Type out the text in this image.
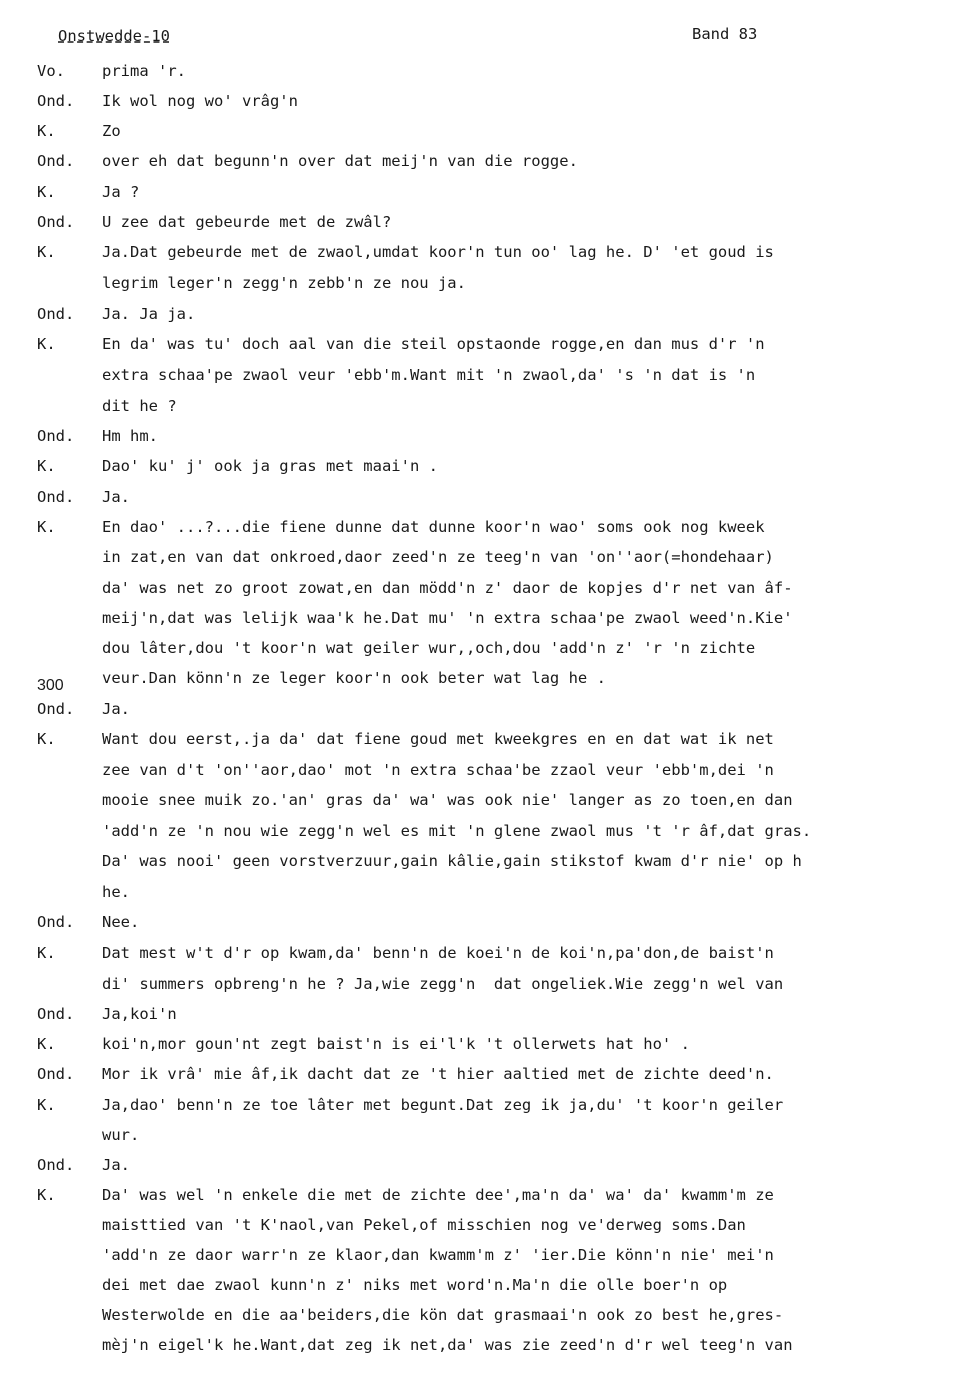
Onstwedde-10	Band 83
300
Vo. prima 'r.
Ond. Ik wol nog wo' vrâg'n
K.	Zo
Ond. over eh dat begunn'n over dat meij'n van die rogge.
K.	Ja ?
Ond. U zee dat gebeurde met de zwâl?
K.	Ja.Dat gebeurde met de zwaol,umdat koor'n tun oo' lag he. D' 'et goud is
legrim leger'n zegg'n zebb'n ze nou ja.
Ond. Ja. Ja ja.
K.	En da' was tu' doch aal van die steil opstaonde rogge,en dan mus d'r 'n
extra schaa'pe zwaol veur 'ebb'm.Want mit 'n zwaol,da' 's 'n dat is 'n
dit he ?
Ond. Hm hm.
K.	Dao' ku' j' ook ja gras met maai'n .
Ond. Ja.
K.	En dao' ...?...die fiene dunne dat dunne koor'n wao' soms ook nog kweek
in zat,en van dat onkroed,daor zeed'n ze teeg'n van 'on''aor(=hondehaar)
da' was net zo groot zowat,en dan mödd'n z' daor de kopjes d'r net van âf-
meij'n,dat was lelijk waa'k he.Dat mu' 'n extra schaa'pe zwaol weed'n.Kie'
dou lâter,dou 't koor'n wat geiler wur,,och,dou 'add'n z' 'r 'n zichte
veur.Dan könn'n ze leger koor'n ook beter wat lag he .
Ond. Ja.
K.	Want dou eerst,.ja da' dat fiene goud met kweekgres en en dat wat ik net
zee van d't 'on''aor,dao' mot 'n extra schaa'be zzaol veur 'ebb'm,dei 'n
mooie snee muik zo.'an' gras da' wa' was ook nie' langer as zo toen,en dan
'add'n ze 'n nou wie zegg'n wel es mit 'n glene zwaol mus 't 'r âf,dat gras.
Da' was nooi' geen vorstverzuur,gain kâlie,gain stikstof kwam d'r nie' op h
he.
Ond. Nee.
K.	Dat mest w't d'r op kwam,da' benn'n de koei'n de koi'n,pa'don,de baist'n
di' summers opbreng'n he ? Ja,wie zegg'n  dat ongeliek.Wie zegg'n wel van
Ond. Ja,koi'n
K.	koi'n,mor goun'nt zegt baist'n is ei'l'k 't ollerwets hat ho' .
Ond. Mor ik vrâ' mie âf,ik dacht dat ze 't hier aaltied met de zichte deed'n.
K.	Ja,dao' benn'n ze toe lâter met begunt.Dat zeg ik ja,du' 't koor'n geiler
wur.
Ond. Ja.
K.	Da' was wel 'n enkele die met de zichte dee',ma'n da' wa' da' kwamm'm ze
maisttied van 't K'naol,van Pekel,of misschien nog ve'derweg soms.Dan
'add'n ze daor warr'n ze klaor,dan kwamm'm z' 'ier.Die könn'n nie' mei'n
dei met dae zwaol kunn'n z' niks met word'n.Ma'n die olle boer'n op
Westerwolde en die aa'beiders,die kön dat grasmaai'n ook zo best he,gres-
mèj'n eigel'k he.Want,dat zeg ik net,da' was zie zeed'n d'r wel teeg'n van
